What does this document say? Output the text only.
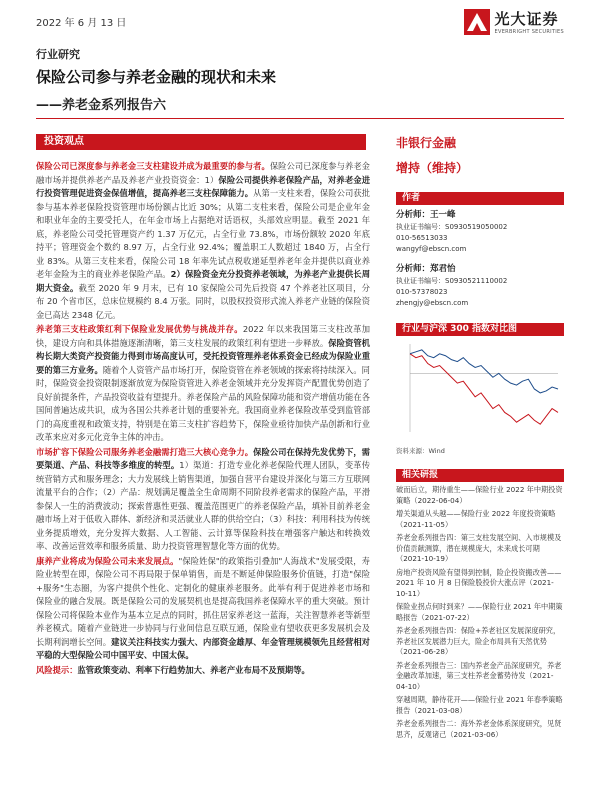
2022 年 6 月 13 日	光大证券
EVERBRIGHT SECURITIES
行业研究
保险公司参与养老金融的现状和未来
——养老金系列报告六
投资观点

保险公司已深度参与养老金三支柱建设并成为最重要的参与者。保险公司已深度参与养老金融市场并提供养老产品及养老产业投资资金：1）保险公司提供养老保险产品，对养老金进行投资管理促进资金保值增值，提高养老三支柱保障能力。从第一支柱来看，保险公司获批参与基本养老保险投资管理市场份额占比近 30%；从第二支柱来看，保险公司是企业年金和职业年金的主要受托人，在年金市场上占据绝对话语权，头部效应明显。截至 2021 年底，养老险公司受托管理资产约 1.37 万亿元，占全行业 73.8%，市场份额较 2020 年底持平；管理资金个数约 8.97 万，占全行业 92.4%；覆盖职工人数超过 1840 万，占全行业 83%。从第三支柱来看，保险公司 18 年率先试点税收递延型养老年金并提供以商业养老年金险为主的商业养老保险产品。2）保险资金充分投资养老领域，为养老产业提供长周期大资金。截至 2020 年 9 月末，已有 10 家保险公司先后投资 47 个养老社区项目，分布 20 个省市区，总床位规模约 8.4 万张。同时，以股权投资形式流入养老产业链的保险资金已高达 2348 亿元。

养老第三支柱政策红利下保险业发展优势与挑战并存。2022 年以来我国第三支柱改革加快，建设方向和具体措施逐渐清晰，第三支柱发展的政策红利有望进一步释放。保险资管机构长期大类资产投资能力得到市场高度认可，受托投资管理养老体系资金已经成为保险业重要的第三方业务。随着个人资管产品市场打开，保险资管在养老领域的探索将持续深入。同时，保险资金投资限制逐渐放宽为保险资管进入养老金领域并充分发挥资产配置优势创造了良好前提条件，产品投资收益有望提升。养老保险产品的风险保障功能和资产增值功能在各国间普遍达成共识，成为各国公共养老计划的重要补充。我国商业养老保险改革受到监管部门的高度重视和政策支持，特别是在第三支柱扩容趋势下，保险业亟待加快产品创新和行业改革来应对多元化竞争主体的冲击。

市场扩容下保险公司服务养老金融需打造三大核心竞争力。保险公司在保持先发优势下，需要渠道、产品、科技等多维度的转型。1）渠道：打造专业化养老保险代理人团队，变革传统营销方式和服务理念；大力发展线上销售渠道，加强自营平台建设并深化与第三方互联网流量平台的合作；（2）产品：规划满足覆盖全生命周期不同阶段养老需求的保险产品，平滑参保人一生的消费波动；探索普惠性更强、覆盖范围更广的养老保险产品，填补目前养老金融市场上对于低收入群体、新经济和灵活就业人群的供给空白；（3）科技：利用科技为传统业务提质增效，充分发挥大数据、人工智能、云计算等保险科技在增强客户触达和转换效率、改善运营效率和服务质量、助力投资管理智慧化等方面的优势。

康养产业将成为保险公司未来发展点。"保险姓保"的政策指引叠加"人海战术"发展受限，寿险业转型在即，保险公司不再局限于保单销售，而是不断延伸保险服务价值链，打造"保险+服务"生态圈，为客户提供个性化、定制化的健康养老服务。此举有利于促进养老市场和保险业的融合发展。既是保险公司的发展契机也是提高我国养老保障水平的重大突破。预计保险公司将保险本业作为基本立足点的同时，抓住居家养老这一蓝海，关注智慧养老等新型养老模式。随着产业链进一步协同与行业间信息互联互通，保险业有望收获更多发展机会及长期利润增长空间。建议关注科技实力强大、内部资金雄厚、年金管理规模领先且经营相对平稳的大型保险公司中国平安、中国太保。

风险提示：监管政策变动、利率下行趋势加大、养老产业布局不及预期等。

非银行金融
增持（维持）
作者
分析师：王一峰
执业证书编号：S0930519050002
010-56513033
wangyf@ebscn.com
分析师：郑君怡
执业证书编号：S0930521110002
010-57378023
zhengjy@ebscn.com
行业与沪深 300 指数对比图
资料来源：Wind
相关研报
破而后立，期待重生——保险行业 2022 年中期投资策略（2022-06-04）
增关渠道从头越——保险行业 2022 年度投资策略（2021-11-05）
养老金系列报告四：第三支柱发展空间、入市规模及价值贡献测算，潜在规模庞大，未来成长可期（2021-10-19）
房地产投资风险有望得到控制，险企投资搬改善——2021 年 10 月 8 日保险股投价大涨点评（2021-10-11）
保险业拐点何时到来？——保险行业 2021 年中期策略报告（2021-07-22）
养老金系列报告四：保险+养老社区发展深度研究，养老社区发展潜力巨大，险企布局具有天然优势（2021-06-28）
养老金系列报告三：国内养老金产品深度研究，养老金融改革加速，第三支柱养老金蓄势待发（2021-04-10）
穿越周期，静待花开——保险行业 2021 年春季策略报告（2021-03-08）
养老金系列报告二：海外养老金体系深度研究，见贤思齐，反观诸己（2021-03-06）
